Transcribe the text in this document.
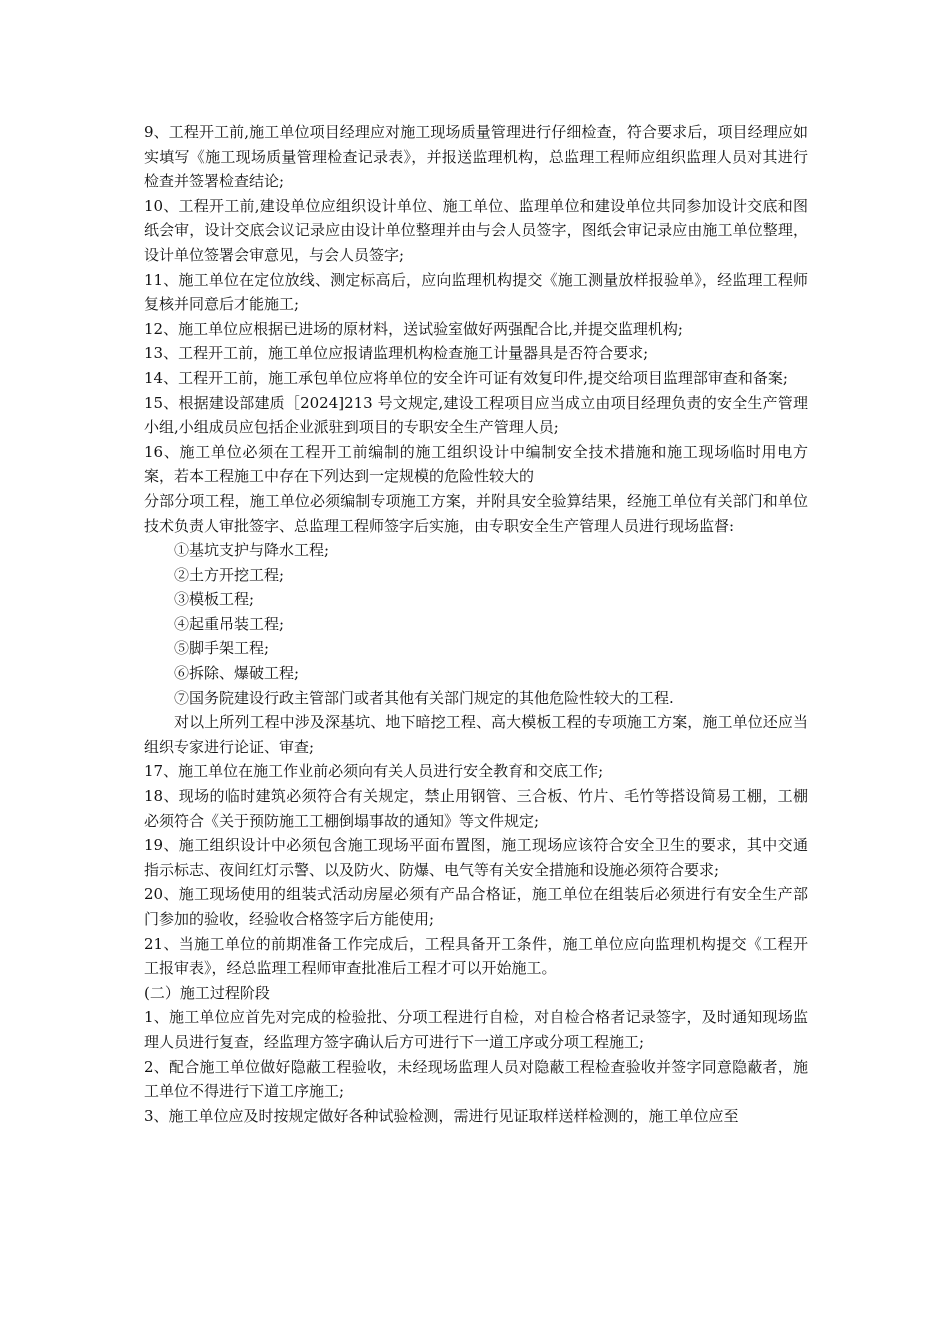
9、工程开工前,施工单位项目经理应对施工现场质量管理进行仔细检查，符合要求后，项目经理应如实填写《施工现场质量管理检查记录表》，并报送监理机构，总监理工程师应组织监理人员对其进行检查并签署检查结论;

10、工程开工前,建设单位应组织设计单位、施工单位、监理单位和建设单位共同参加设计交底和图纸会审，设计交底会议记录应由设计单位整理并由与会人员签字，图纸会审记录应由施工单位整理，设计单位签署会审意见，与会人员签字;

11、施工单位在定位放线、测定标高后，应向监理机构提交《施工测量放样报验单》，经监理工程师复核并同意后才能施工;

12、施工单位应根据已进场的原材料，送试验室做好两强配合比,并提交监理机构;

13、工程开工前，施工单位应报请监理机构检查施工计量器具是否符合要求;

14、工程开工前，施工承包单位应将单位的安全许可证有效复印件,提交给项目监理部审查和备案;

15、根据建设部建质［2024]213 号文规定,建设工程项目应当成立由项目经理负责的安全生产管理小组,小组成员应包括企业派驻到项目的专职安全生产管理人员;

16、施工单位必须在工程开工前编制的施工组织设计中编制安全技术措施和施工现场临时用电方案，若本工程施工中存在下列达到一定规模的危险性较大的

分部分项工程，施工单位必须编制专项施工方案，并附具安全验算结果，经施工单位有关部门和单位技术负责人审批签字、总监理工程师签字后实施，由专职安全生产管理人员进行现场监督:

①基坑支护与降水工程;

②土方开挖工程;

③模板工程;

④起重吊装工程;

⑤脚手架工程;

⑥拆除、爆破工程;

⑦国务院建设行政主管部门或者其他有关部门规定的其他危险性较大的工程.

对以上所列工程中涉及深基坑、地下暗挖工程、高大模板工程的专项施工方案，施工单位还应当组织专家进行论证、审查;

17、施工单位在施工作业前必须向有关人员进行安全教育和交底工作;

18、现场的临时建筑必须符合有关规定，禁止用钢管、三合板、竹片、毛竹等搭设简易工棚，工棚必须符合《关于预防施工工棚倒塌事故的通知》等文件规定;

19、施工组织设计中必须包含施工现场平面布置图，施工现场应该符合安全卫生的要求，其中交通指示标志、夜间红灯示警、以及防火、防爆、电气等有关安全措施和设施必须符合要求;

20、施工现场使用的组装式活动房屋必须有产品合格证，施工单位在组装后必须进行有安全生产部门参加的验收，经验收合格签字后方能使用;

21、当施工单位的前期准备工作完成后，工程具备开工条件，施工单位应向监理机构提交《工程开工报审表》，经总监理工程师审查批准后工程才可以开始施工。

(二）施工过程阶段

1、施工单位应首先对完成的检验批、分项工程进行自检，对自检合格者记录签字，及时通知现场监理人员进行复查，经监理方签字确认后方可进行下一道工序或分项工程施工;

2、配合施工单位做好隐蔽工程验收，未经现场监理人员对隐蔽工程检查验收并签字同意隐蔽者，施工单位不得进行下道工序施工;

3、施工单位应及时按规定做好各种试验检测，需进行见证取样送样检测的，施工单位应至
